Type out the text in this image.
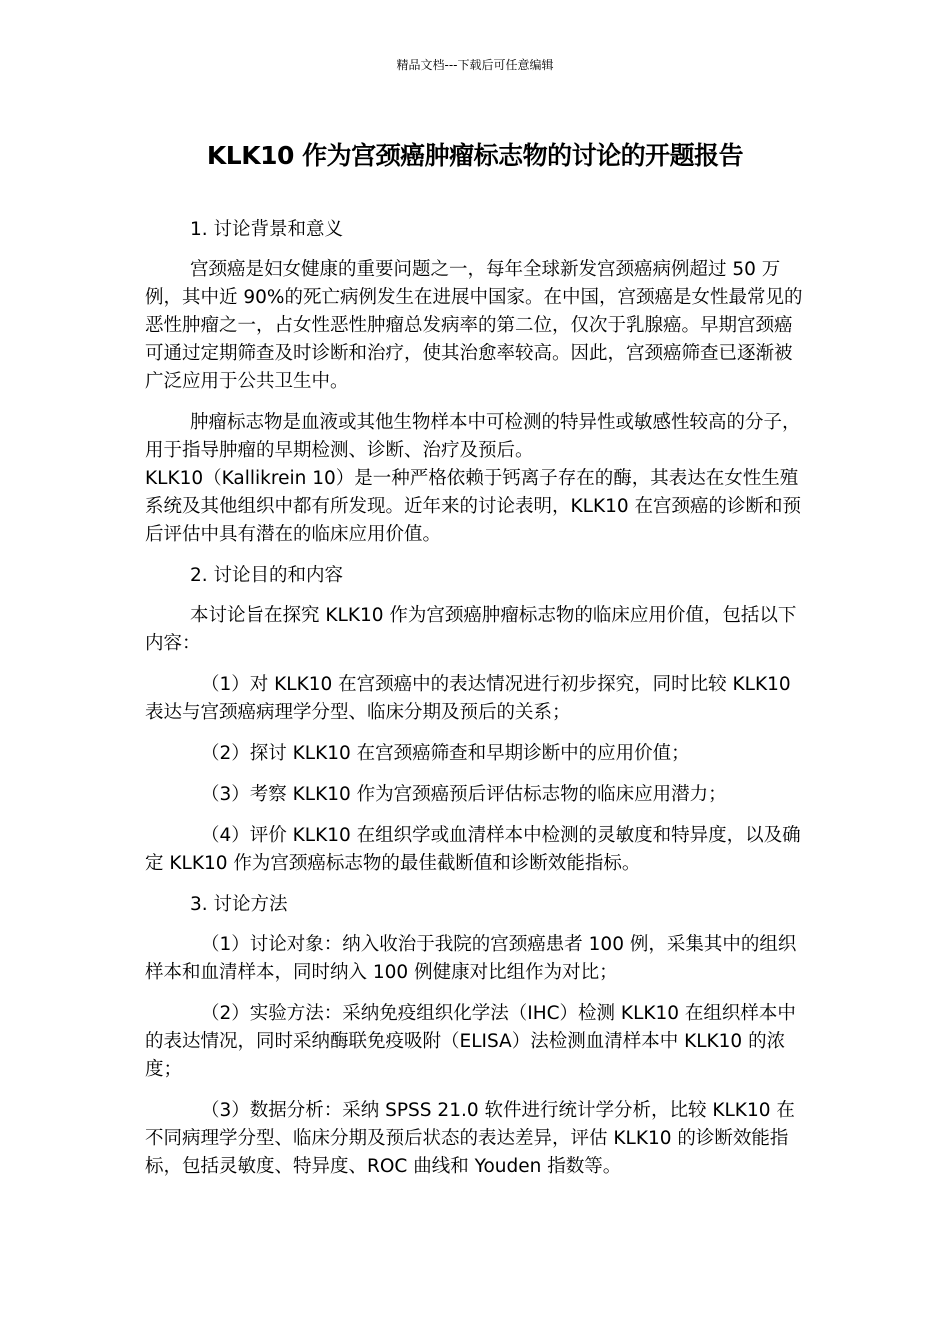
精品文档---下载后可任意编辑
KLK10 作为宫颈癌肿瘤标志物的讨论的开题报告

1. 讨论背景和意义

宫颈癌是妇女健康的重要问题之一，每年全球新发宫颈癌病例超过 50 万例，其中近 90%的死亡病例发生在进展中国家。在中国，宫颈癌是女性最常见的恶性肿瘤之一，占女性恶性肿瘤总发病率的第二位，仅次于乳腺癌。早期宫颈癌可通过定期筛查及时诊断和治疗，使其治愈率较高。因此，宫颈癌筛查已逐渐被广泛应用于公共卫生中。

肿瘤标志物是血液或其他生物样本中可检测的特异性或敏感性较高的分子，用于指导肿瘤的早期检测、诊断、治疗及预后。

KLK10（Kallikrein 10）是一种严格依赖于钙离子存在的酶，其表达在女性生殖系统及其他组织中都有所发现。近年来的讨论表明，KLK10 在宫颈癌的诊断和预后评估中具有潜在的临床应用价值。

2. 讨论目的和内容

本讨论旨在探究 KLK10 作为宫颈癌肿瘤标志物的临床应用价值，包括以下内容：

（1）对 KLK10 在宫颈癌中的表达情况进行初步探究，同时比较 KLK10 表达与宫颈癌病理学分型、临床分期及预后的关系；

（2）探讨 KLK10 在宫颈癌筛查和早期诊断中的应用价值；

（3）考察 KLK10 作为宫颈癌预后评估标志物的临床应用潜力；

（4）评价 KLK10 在组织学或血清样本中检测的灵敏度和特异度，以及确定 KLK10 作为宫颈癌标志物的最佳截断值和诊断效能指标。

3. 讨论方法

（1）讨论对象：纳入收治于我院的宫颈癌患者 100 例，采集其中的组织样本和血清样本，同时纳入 100 例健康对比组作为对比；

（2）实验方法：采纳免疫组织化学法（IHC）检测 KLK10 在组织样本中的表达情况，同时采纳酶联免疫吸附（ELISA）法检测血清样本中 KLK10 的浓度；

（3）数据分析：采纳 SPSS 21.0 软件进行统计学分析，比较 KLK10 在不同病理学分型、临床分期及预后状态的表达差异，评估 KLK10 的诊断效能指标，包括灵敏度、特异度、ROC 曲线和 Youden 指数等。
